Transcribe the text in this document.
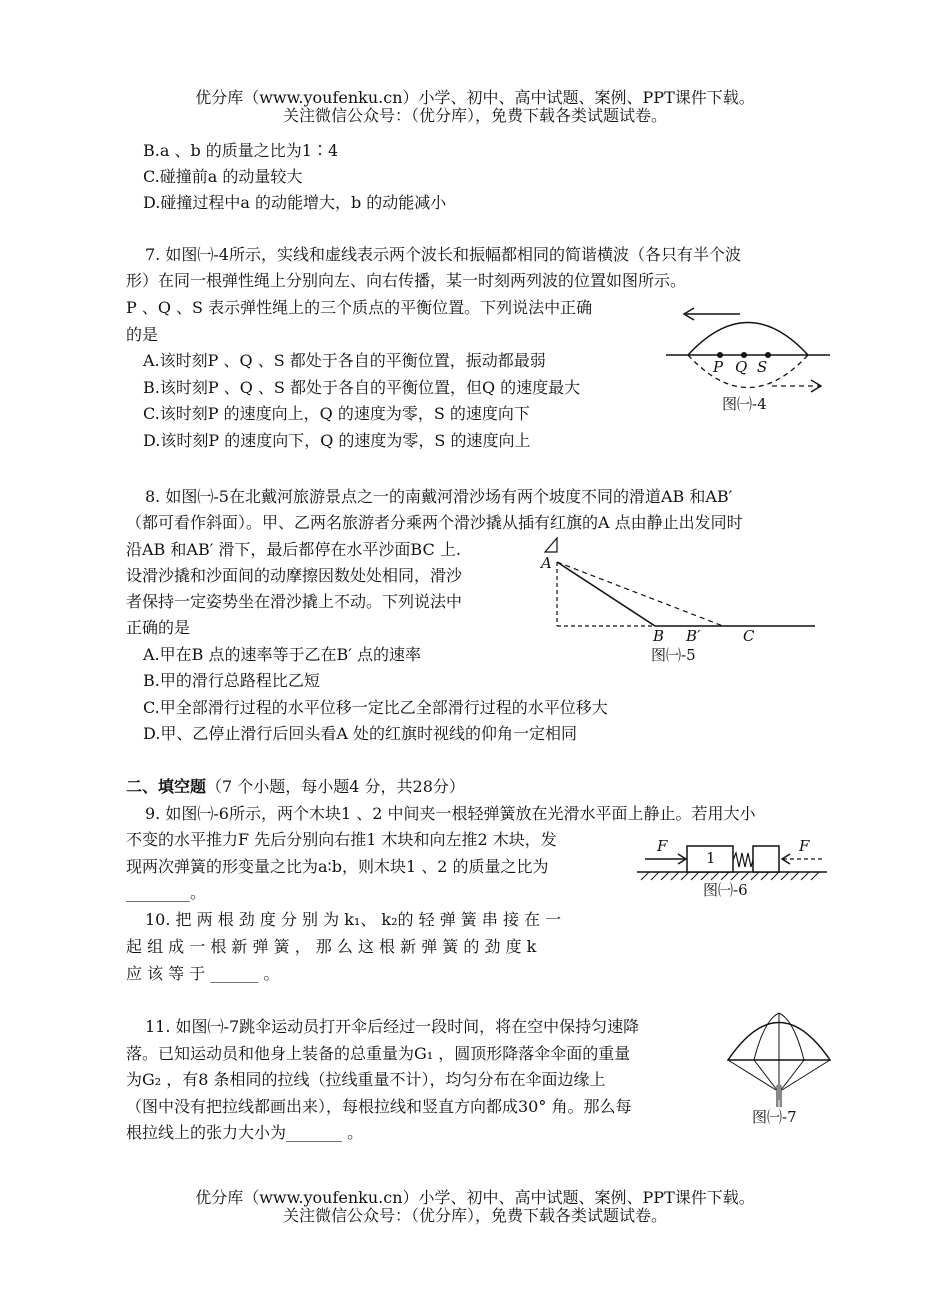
优分库（www.youfenku.cn）小学、初中、高中试题、案例、PPT课件下载。
关注微信公众号：（优分库），免费下载各类试题试卷。
B.a 、b 的质量之比为1∶4
C.碰撞前a 的动量较大
D.碰撞过程中a 的动能增大，b 的动能减小
7. 如图㈠-4所示，实线和虚线表示两个波长和振幅都相同的简谐横波（各只有半个波
形）在同一根弹性绳上分别向左、向右传播，某一时刻两列波的位置如图所示。
P 、Q 、S 表示弹性绳上的三个质点的平衡位置。下列说法中正确
的是
A.该时刻P 、Q 、S 都处于各自的平衡位置，振动都最弱
B.该时刻P 、Q 、S 都处于各自的平衡位置，但Q 的速度最大
C.该时刻P 的速度向上，Q 的速度为零，S 的速度向下
D.该时刻P 的速度向下，Q 的速度为零，S 的速度向上
P Q S
图㈠-4
8. 如图㈠-5在北戴河旅游景点之一的南戴河滑沙场有两个坡度不同的滑道AB 和AB′
（都可看作斜面）。甲、乙两名旅游者分乘两个滑沙撬从插有红旗的A 点由静止出发同时
沿AB 和AB′ 滑下，最后都停在水平沙面BC 上.
设滑沙撬和沙面间的动摩擦因数处处相同，滑沙
者保持一定姿势坐在滑沙撬上不动。下列说法中
正确的是
A.甲在B 点的速率等于乙在B′ 点的速率
B.甲的滑行总路程比乙短
C.甲全部滑行过程的水平位移一定比乙全部滑行过程的水平位移大
D.甲、乙停止滑行后回头看A 处的红旗时视线的仰角一定相同
A
B B′	C
图㈠-5
二、填空题（7 个小题，每小题4 分，共28分）
9. 如图㈠-6所示，两个木块1 、2 中间夹一根轻弹簧放在光滑水平面上静止。若用大小
不变的水平推力F 先后分别向右推1 木块和向左推2 木块，发
现两次弹簧的形变量之比为a∶b，则木块1 、2 的质量之比为
________。
F
1
F
图㈠-6
10. 把 两 根 劲 度 分 别 为 k₁、 k₂的 轻 弹 簧 串 接 在 一
起 组 成 一 根 新 弹 簧 ， 那 么 这 根 新 弹 簧 的 劲 度 k
应 该 等 于 ______ 。
11. 如图㈠-7跳伞运动员打开伞后经过一段时间，将在空中保持匀速降
落。已知运动员和他身上装备的总重量为G₁ ，圆顶形降落伞伞面的重量
为G₂ ，有8 条相同的拉线（拉线重量不计），均匀分布在伞面边缘上
（图中没有把拉线都画出来），每根拉线和竖直方向都成30° 角。那么每
根拉线上的张力大小为_______ 。
图㈠-7
优分库（www.youfenku.cn）小学、初中、高中试题、案例、PPT课件下载。
关注微信公众号：（优分库），免费下载各类试题试卷。
